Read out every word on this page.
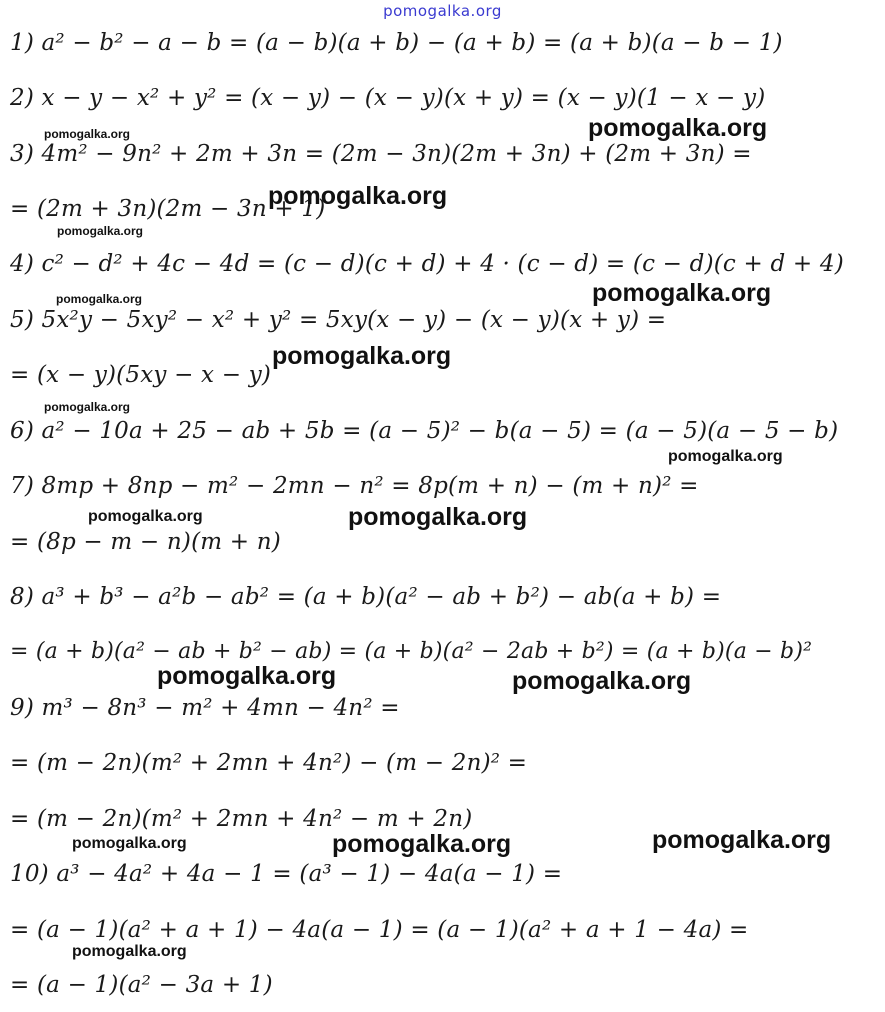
pomogalka.org
1) a² − b² − a − b = (a − b)(a + b) − (a + b) = (a + b)(a − b − 1)
2) x − y − x² + y² = (x − y) − (x − y)(x + y) = (x − y)(1 − x − y)
3) 4m² − 9n² + 2m + 3n = (2m − 3n)(2m + 3n) + (2m + 3n) =
= (2m + 3n)(2m − 3n + 1)
4) c² − d² + 4c − 4d = (c − d)(c + d) + 4 · (c − d) = (c − d)(c + d + 4)
5) 5x²y − 5xy² − x² + y² = 5xy(x − y) − (x − y)(x + y) =
= (x − y)(5xy − x − y)
6) a² − 10a + 25 − ab + 5b = (a − 5)² − b(a − 5) = (a − 5)(a − 5 − b)
7) 8mp + 8np − m² − 2mn − n² = 8p(m + n) − (m + n)² =
= (8p − m − n)(m + n)
8) a³ + b³ − a²b − ab² = (a + b)(a² − ab + b²) − ab(a + b) =
= (a + b)(a² − ab + b² − ab) = (a + b)(a² − 2ab + b²) = (a + b)(a − b)²
9) m³ − 8n³ − m² + 4mn − 4n² =
= (m − 2n)(m² + 2mn + 4n²) − (m − 2n)² =
= (m − 2n)(m² + 2mn + 4n² − m + 2n)
10) a³ − 4a² + 4a − 1 = (a³ − 1) − 4a(a − 1) =
= (a − 1)(a² + a + 1) − 4a(a − 1) = (a − 1)(a² + a + 1 − 4a) =
= (a − 1)(a² − 3a + 1)
pomogalka.org	pomogalka.org
pomogalka.org
pomogalka.org
pomogalka.org	pomogalka.org
pomogalka.org
pomogalka.org
pomogalka.org
pomogalka.org	pomogalka.org
pomogalka.org	pomogalka.org
pomogalka.org	pomogalka.org	pomogalka.org
pomogalka.org
